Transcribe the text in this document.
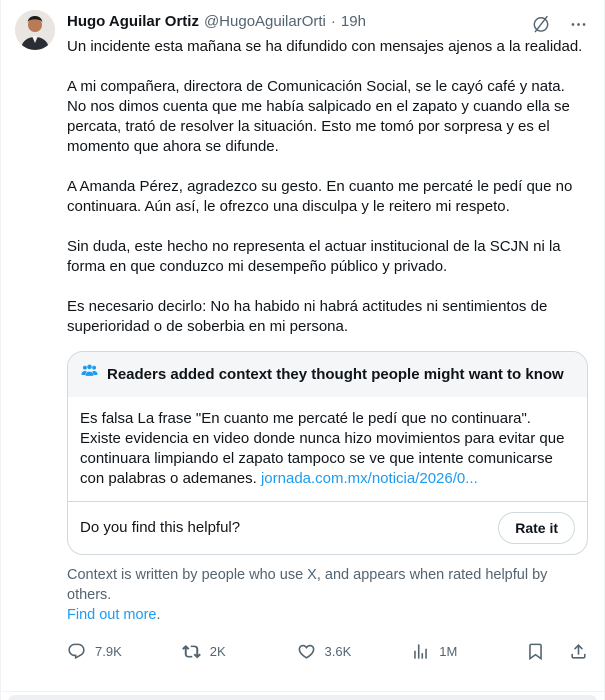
Hugo Aguilar Ortiz @HugoAguilarOrti · 19h

Un incidente esta mañana se ha difundido con mensajes ajenos a la realidad.

A mi compañera, directora de Comunicación Social, se le cayó café y nata. No nos dimos cuenta que me había salpicado en el zapato y cuando ella se percata, trató de resolver la situación. Esto me tomó por sorpresa y es el momento que ahora se difunde.

A Amanda Pérez, agradezco su gesto. En cuanto me percaté le pedí que no continuara. Aún así, le ofrezco una disculpa y le reitero mi respeto.

Sin duda, este hecho no representa el actuar institucional de la SCJN ni la forma en que conduzco mi desempeño público y privado.

Es necesario decirlo: No ha habido ni habrá actitudes ni sentimientos de superioridad o de soberbia en mi persona.

Readers added context they thought people might want to know
Es falsa La frase "En cuanto me percaté le pedí que no continuara". Existe evidencia en video donde nunca hizo movimientos para evitar que continuara limpiando el zapato tampoco se ve que intente comunicarse con palabras o ademanes. jornada.com.mx/noticia/2026/0...
Do you find this helpful?	Rate it
Context is written by people who use X, and appears when rated helpful by others.
Find out more.
7.9K	2K	3.6K	1M
